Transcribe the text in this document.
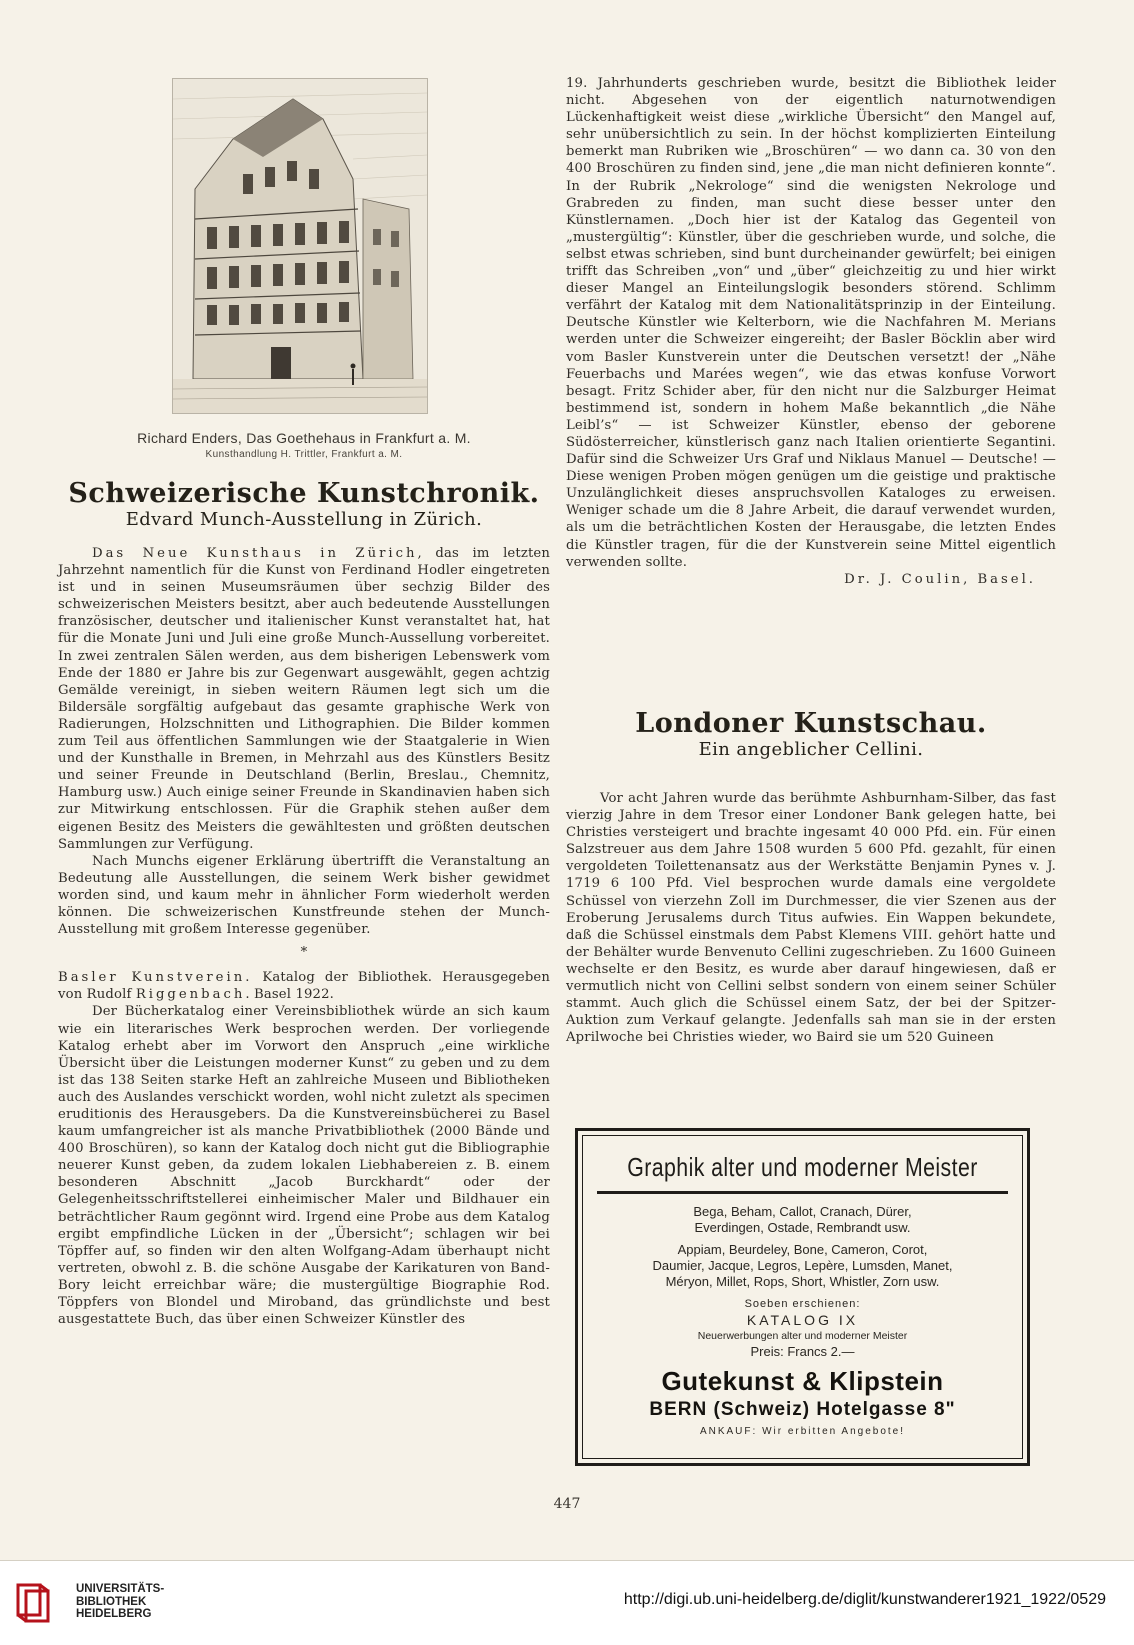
Richard Enders, Das Goethehaus in Frankfurt a. M.
Kunsthandlung H. Trittler, Frankfurt a. M.
Schweizerische Kunstchronik.
Edvard Munch-Ausstellung in Zürich.

Das Neue Kunsthaus in Zürich, das im letzten Jahrzehnt namentlich für die Kunst von Ferdinand Hodler eingetreten ist und in seinen Museumsräumen über sechzig Bilder des schweizerischen Meisters besitzt, aber auch bedeutende Ausstellungen französischer, deutscher und italienischer Kunst veranstaltet hat, hat für die Monate Juni und Juli eine große Munch-Aussellung vorbereitet. In zwei zentralen Sälen werden, aus dem bisherigen Lebenswerk vom Ende der 1880 er Jahre bis zur Gegenwart ausgewählt, gegen achtzig Gemälde vereinigt, in sieben weitern Räumen legt sich um die Bildersäle sorgfältig aufgebaut das gesamte graphische Werk von Radierungen, Holzschnitten und Lithographien. Die Bilder kommen zum Teil aus öffentlichen Sammlungen wie der Staatgalerie in Wien und der Kunsthalle in Bremen, in Mehrzahl aus des Künstlers Besitz und seiner Freunde in Deutschland (Berlin, Breslau., Chemnitz, Hamburg usw.) Auch einige seiner Freunde in Skandinavien haben sich zur Mitwirkung entschlossen. Für die Graphik stehen außer dem eigenen Besitz des Meisters die gewähltesten und größten deutschen Sammlungen zur Verfügung.

Nach Munchs eigener Erklärung übertrifft die Veranstaltung an Bedeutung alle Ausstellungen, die seinem Werk bisher gewidmet worden sind, und kaum mehr in ähnlicher Form wiederholt werden können. Die schweizerischen Kunstfreunde stehen der Munch-Ausstellung mit großem Interesse gegenüber.

*

Basler Kunstverein. Katalog der Bibliothek. Herausgegeben von Rudolf Riggenbach. Basel 1922.

Der Bücherkatalog einer Vereinsbibliothek würde an sich kaum wie ein literarisches Werk besprochen werden. Der vorliegende Katalog erhebt aber im Vorwort den Anspruch „eine wirkliche Übersicht über die Leistungen moderner Kunst“ zu geben und zu dem ist das 138 Seiten starke Heft an zahlreiche Museen und Bibliotheken auch des Auslandes verschickt worden, wohl nicht zuletzt als specimen eruditionis des Herausgebers. Da die Kunstvereinsbücherei zu Basel kaum umfangreicher ist als manche Privatbibliothek (2000 Bände und 400 Broschüren), so kann der Katalog doch nicht gut die Bibliographie neuerer Kunst geben, da zudem lokalen Liebhabereien z. B. einem besonderen Abschnitt „Jacob Burckhardt“ oder der Gelegenheitsschriftstellerei einheimischer Maler und Bildhauer ein beträchtlicher Raum gegönnt wird. Irgend eine Probe aus dem Katalog ergibt empfindliche Lücken in der „Übersicht“; schlagen wir bei Töpffer auf, so finden wir den alten Wolfgang-Adam überhaupt nicht vertreten, obwohl z. B. die schöne Ausgabe der Karikaturen von Band-Bory leicht erreichbar wäre; die mustergültige Biographie Rod. Töppfers von Blondel und Miroband, das gründlichste und best ausgestattete Buch, das über einen Schweizer Künstler des

19. Jahrhunderts geschrieben wurde, besitzt die Bibliothek leider nicht. Abgesehen von der eigentlich naturnotwendigen Lückenhaftigkeit weist diese „wirkliche Übersicht“ den Mangel auf, sehr unübersichtlich zu sein. In der höchst komplizierten Einteilung bemerkt man Rubriken wie „Broschüren“ — wo dann ca. 30 von den 400 Broschüren zu finden sind, jene „die man nicht definieren konnte“. In der Rubrik „Nekrologe“ sind die wenigsten Nekrologe und Grabreden zu finden, man sucht diese besser unter den Künstlernamen. „Doch hier ist der Katalog das Gegenteil von „mustergültig“: Künstler, über die geschrieben wurde, und solche, die selbst etwas schrieben, sind bunt durcheinander gewürfelt; bei einigen trifft das Schreiben „von“ und „über“ gleichzeitig zu und hier wirkt dieser Mangel an Einteilungslogik besonders störend. Schlimm verfährt der Katalog mit dem Nationalitätsprinzip in der Einteilung. Deutsche Künstler wie Kelterborn, wie die Nachfahren M. Merians werden unter die Schweizer eingereiht; der Basler Böcklin aber wird vom Basler Kunstverein unter die Deutschen versetzt! der „Nähe Feuerbachs und Marées wegen“, wie das etwas konfuse Vorwort besagt. Fritz Schider aber, für den nicht nur die Salzburger Heimat bestimmend ist, sondern in hohem Maße bekanntlich „die Nähe Leibl’s“ — ist Schweizer Künstler, ebenso der geborene Südösterreicher, künstlerisch ganz nach Italien orientierte Segantini. Dafür sind die Schweizer Urs Graf und Niklaus Manuel — Deutsche! — Diese wenigen Proben mögen genügen um die geistige und praktische Unzulänglichkeit dieses anspruchsvollen Kataloges zu erweisen. Weniger schade um die 8 Jahre Arbeit, die darauf verwendet wurden, als um die beträchtlichen Kosten der Herausgabe, die letzten Endes die Künstler tragen, für die der Kunstverein seine Mittel eigentlich verwenden sollte.

Dr. J. Coulin, Basel.

Londoner Kunstschau.
Ein angeblicher Cellini.

Vor acht Jahren wurde das berühmte Ashburnham-Silber, das fast vierzig Jahre in dem Tresor einer Londoner Bank gelegen hatte, bei Christies versteigert und brachte ingesamt 40 000 Pfd. ein. Für einen Salzstreuer aus dem Jahre 1508 wurden 5 600 Pfd. gezahlt, für einen vergoldeten Toilettenansatz aus der Werkstätte Benjamin Pynes v. J. 1719 6 100 Pfd. Viel besprochen wurde damals eine vergoldete Schüssel von vierzehn Zoll im Durchmesser, die vier Szenen aus der Eroberung Jerusalems durch Titus aufwies. Ein Wappen bekundete, daß die Schüssel einstmals dem Pabst Klemens VIII. gehört hatte und der Behälter wurde Benvenuto Cellini zugeschrieben. Zu 1600 Guineen wechselte er den Besitz, es wurde aber darauf hingewiesen, daß er vermutlich nicht von Cellini selbst sondern von einem seiner Schüler stammt. Auch glich die Schüssel einem Satz, der bei der Spitzer-Auktion zum Verkauf gelangte. Jedenfalls sah man sie in der ersten Aprilwoche bei Christies wieder, wo Baird sie um 520 Guineen

Graphik alter und moderner Meister
Bega, Beham, Callot, Cranach, Dürer,
Everdingen, Ostade, Rembrandt usw.
Appiam, Beurdeley, Bone, Cameron, Corot,
Daumier, Jacque, Legros, Lepère, Lumsden, Manet,
Méryon, Millet, Rops, Short, Whistler, Zorn usw.
Soeben erschienen:
KATALOG IX
Neuerwerbungen alter und moderner Meister
Preis: Francs 2.—
Gutekunst & Klipstein
BERN (Schweiz) Hotelgasse 8"
ANKAUF: Wir erbitten Angebote!
447
UNIVERSITÄTS-
BIBLIOTHEK
HEIDELBERG
http://digi.ub.uni-heidelberg.de/diglit/kunstwanderer1921_1922/0529
